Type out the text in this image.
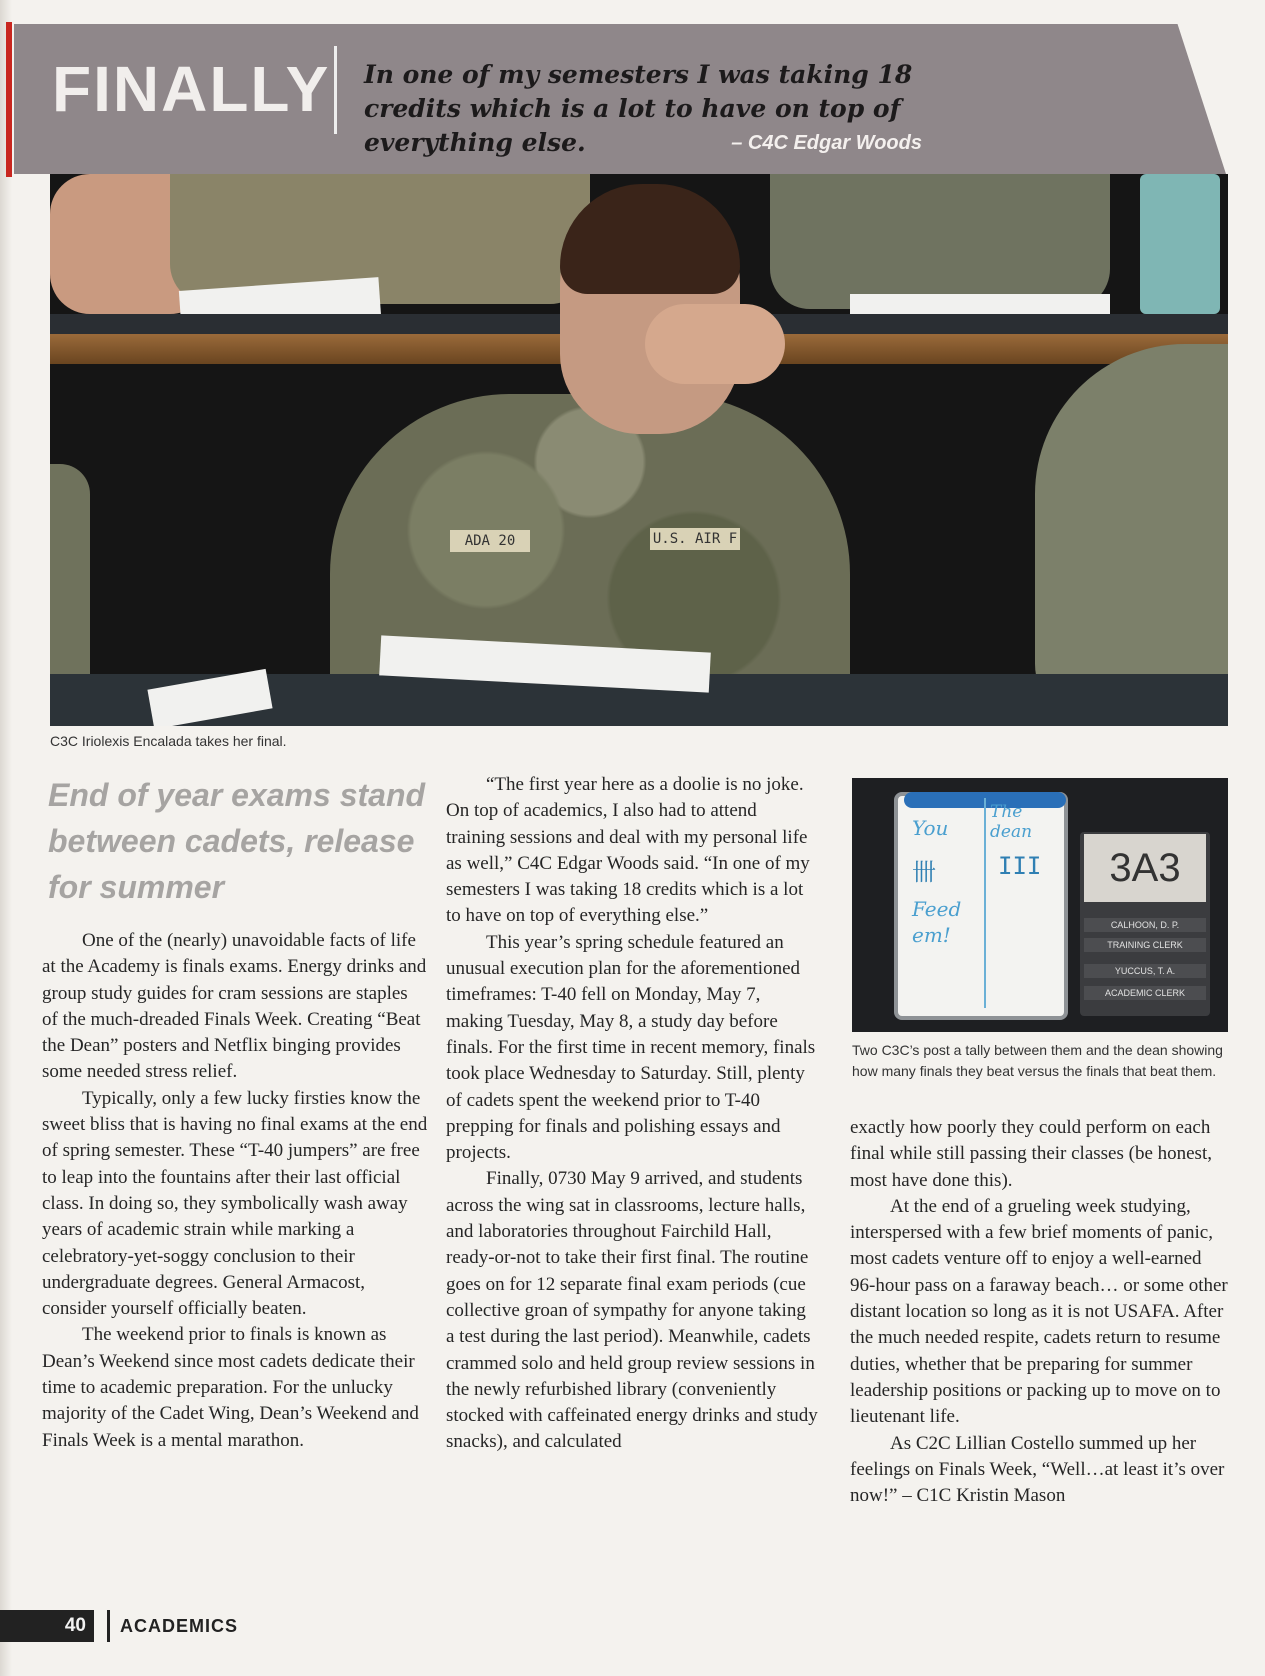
FINALLY In one of my semesters I was taking 18 credits which is a lot to have on top of everything else.	– C4C Edgar Woods
ADA 20	U.S. AIR F
C3C Iriolexis Encalada takes her final.
End of year exams stand between cadets, release for summer

One of the (nearly) unavoidable facts of life at the Academy is finals exams. Energy drinks and group study guides for cram sessions are staples of the much-dreaded Finals Week. Creating “Beat the Dean” posters and Netflix binging provides some needed stress relief.

Typically, only a few lucky firsties know the sweet bliss that is having no final exams at the end of spring semester. These “T-40 jumpers” are free to leap into the fountains after their last official class. In doing so, they symbolically wash away years of academic strain while marking a celebratory-yet-soggy conclusion to their undergraduate degrees. General Armacost, consider yourself officially beaten.

The weekend prior to finals is known as Dean’s Weekend since most cadets dedicate their time to academic preparation. For the unlucky majority of the Cadet Wing, Dean’s Weekend and Finals Week is a mental marathon.

“The first year here as a doolie is no joke. On top of academics, I also had to attend training sessions and deal with my personal life as well,” C4C Edgar Woods said. “In one of my semesters I was taking 18 credits which is a lot to have on top of everything else.”

This year’s spring schedule featured an unusual execution plan for the aforementioned timeframes: T-40 fell on Monday, May 7, making Tuesday, May 8, a study day before finals. For the first time in recent memory, finals took place Wednesday to Saturday. Still, plenty of cadets spent the weekend prior to T-40 prepping for finals and polishing essays and projects.

Finally, 0730 May 9 arrived, and students across the wing sat in classrooms, lecture halls, and laboratories throughout Fairchild Hall, ready-or-not to take their first final. The routine goes on for 12 separate final exam periods (cue collective groan of sympathy for anyone taking a test during the last period). Meanwhile, cadets crammed solo and held group review sessions in the newly refurbished library (conveniently stocked with caffeinated energy drinks and study snacks), and calculated

You
The dean
卌	III
Feed em!
3A3
CALHOON, D. P.
TRAINING CLERK
YUCCUS, T. A.
ACADEMIC CLERK
Two C3C’s post a tally between them and the dean showing how many finals they beat versus the finals that beat them.

exactly how poorly they could perform on each final while still passing their classes (be honest, most have done this).

At the end of a grueling week studying, interspersed with a few brief moments of panic, most cadets venture off to enjoy a well-earned 96-hour pass on a faraway beach… or some other distant location so long as it is not USAFA. After the much needed respite, cadets return to resume duties, whether that be preparing for summer leadership positions or packing up to move on to lieutenant life.

As C2C Lillian Costello summed up her feelings on Finals Week, “Well…at least it’s over now!” – C1C Kristin Mason

40	ACADEMICS
